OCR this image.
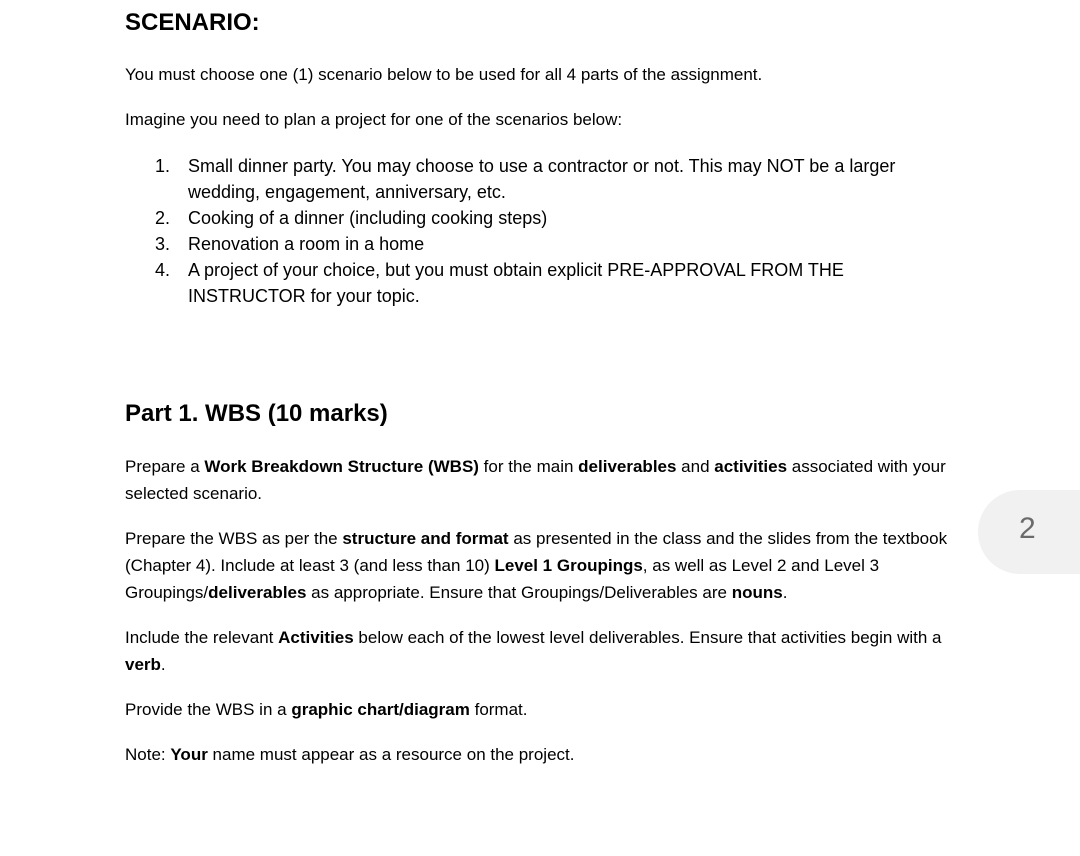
SCENARIO:

You must choose one (1) scenario below to be used for all 4 parts of the assignment.

Imagine you need to plan a project for one of the scenarios below:

1. Small dinner party. You may choose to use a contractor or not. This may NOT be a larger wedding, engagement, anniversary, etc.
2. Cooking of a dinner (including cooking steps)
3. Renovation a room in a home
4. A project of your choice, but you must obtain explicit PRE-APPROVAL FROM THE INSTRUCTOR for your topic.
Part 1. WBS (10 marks)

Prepare a Work Breakdown Structure (WBS) for the main deliverables and activities associated with your selected scenario.

Prepare the WBS as per the structure and format as presented in the class and the slides from the textbook (Chapter 4). Include at least 3 (and less than 10) Level 1 Groupings, as well as Level 2 and Level 3 Groupings/deliverables as appropriate. Ensure that Groupings/Deliverables are nouns.

Include the relevant Activities below each of the lowest level deliverables. Ensure that activities begin with a verb.

Provide the WBS in a graphic chart/diagram format.

Note: Your name must appear as a resource on the project.

2
